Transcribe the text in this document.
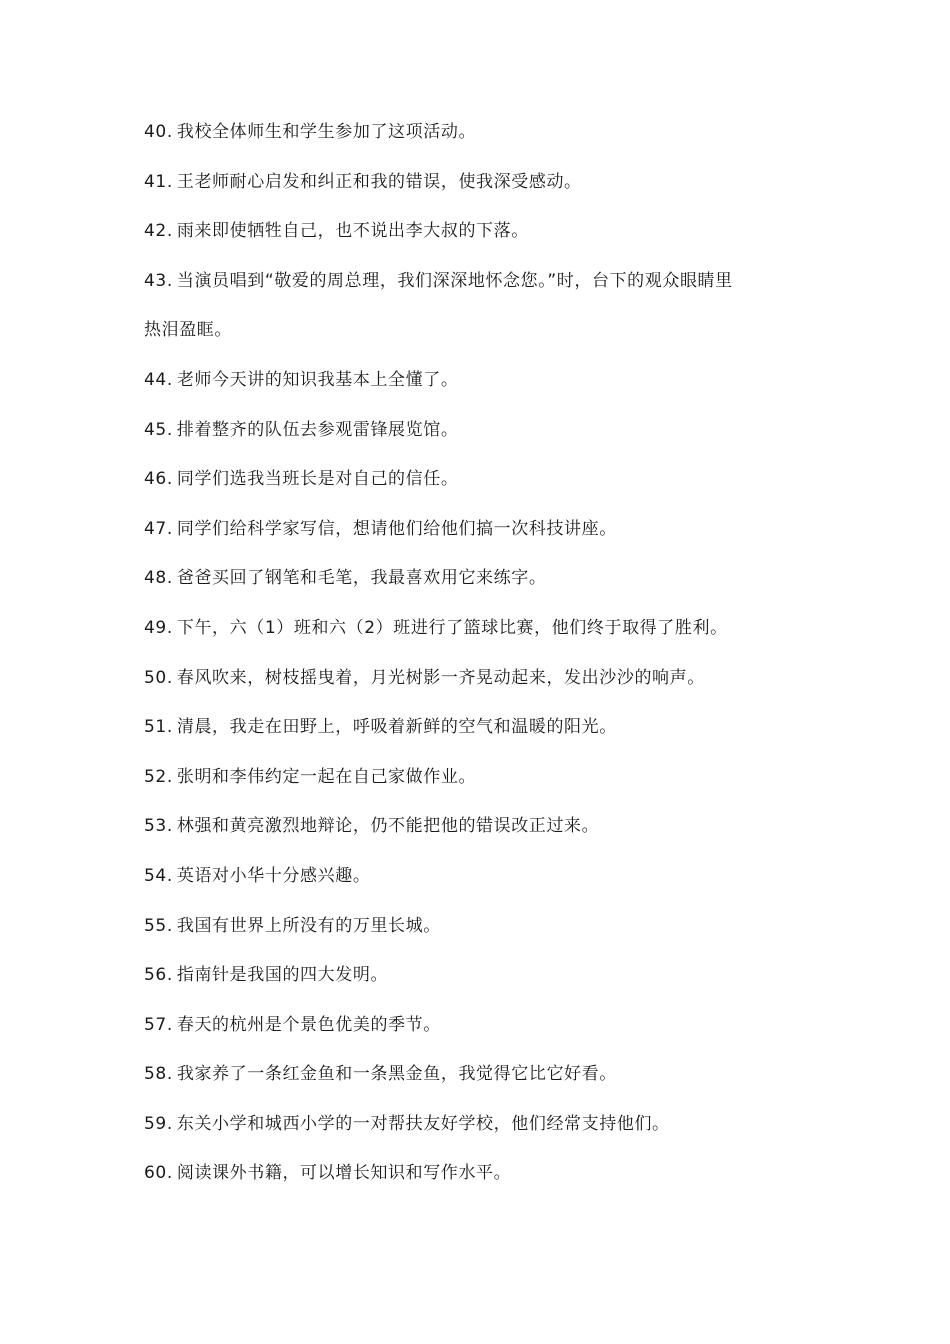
40. 我校全体师生和学生参加了这项活动。
41. 王老师耐心启发和纠正和我的错误，使我深受感动。
42. 雨来即使牺牲自己，也不说出李大叔的下落。
43. 当演员唱到“敬爱的周总理，我们深深地怀念您。”时，台下的观众眼睛里
热泪盈眶。
44. 老师今天讲的知识我基本上全懂了。
45. 排着整齐的队伍去参观雷锋展览馆。
46. 同学们选我当班长是对自己的信任。
47. 同学们给科学家写信，想请他们给他们搞一次科技讲座。
48. 爸爸买回了钢笔和毛笔，我最喜欢用它来练字。
49. 下午，六（1）班和六（2）班进行了篮球比赛，他们终于取得了胜利。
50. 春风吹来，树枝摇曳着，月光树影一齐晃动起来，发出沙沙的响声。
51. 清晨，我走在田野上，呼吸着新鲜的空气和温暖的阳光。
52. 张明和李伟约定一起在自己家做作业。
53. 林强和黄亮激烈地辩论，仍不能把他的错误改正过来。
54. 英语对小华十分感兴趣。
55. 我国有世界上所没有的万里长城。
56. 指南针是我国的四大发明。
57. 春天的杭州是个景色优美的季节。
58. 我家养了一条红金鱼和一条黑金鱼，我觉得它比它好看。
59. 东关小学和城西小学的一对帮扶友好学校，他们经常支持他们。
60. 阅读课外书籍，可以增长知识和写作水平。
